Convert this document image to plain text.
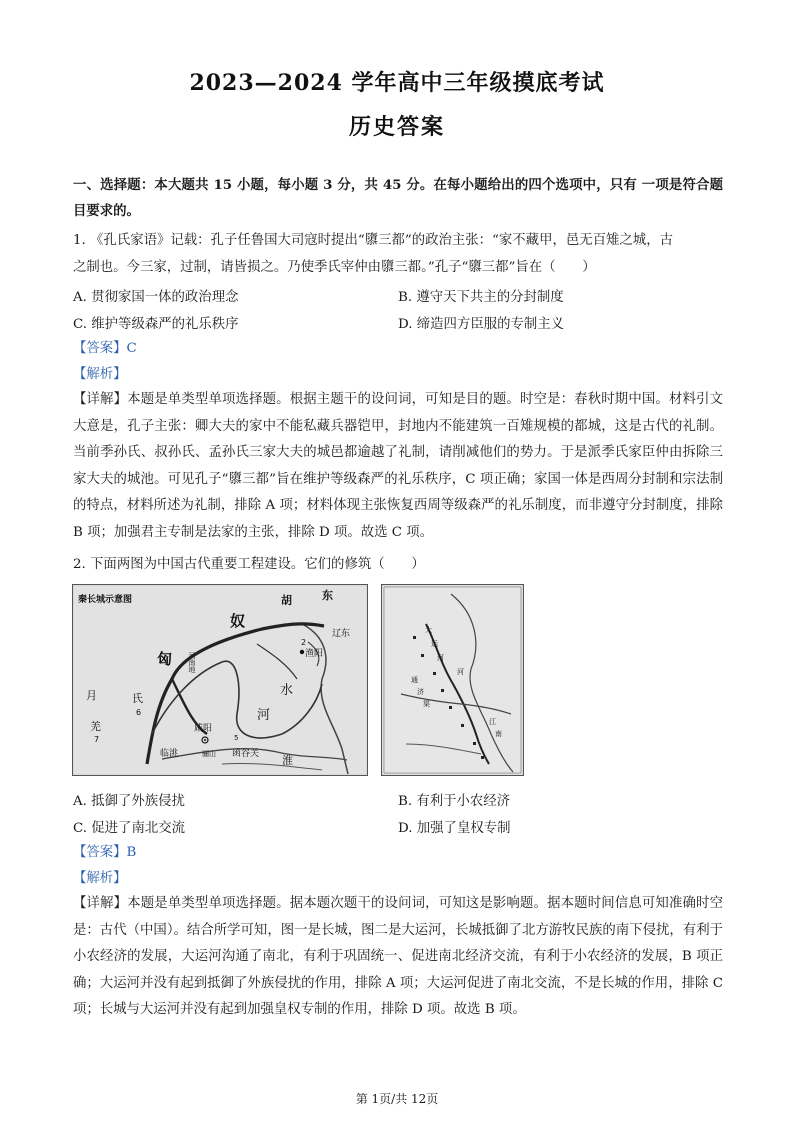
2023—2024 学年高中三年级摸底考试
历史答案
一、选择题：本大题共 15 小题，每小题 3 分，共 45 分。在每小题给出的四个选项中，只有 一项是符合题目要求的。
1. 《孔氏家语》记载：孔子任鲁国大司寇时提出“隳三都”的政治主张：“家不藏甲，邑无百雉之城，古
之制也。今三家，过制，请皆损之。乃使季氏宰仲由隳三都。”孔子“隳三都”旨在（　　）
A. 贯彻家国一体的政治理念	B. 遵守天下共主的分封制度
C. 维护等级森严的礼乐秩序	D. 缔造四方臣服的专制主义
【答案】C
【解析】
【详解】本题是单类型单项选择题。根据主题干的设问词，可知是目的题。时空是：春秋时期中国。材料引文大意是，孔子主张：卿大夫的家中不能私藏兵器铠甲，封地内不能建筑一百雉规模的都城，这是古代的礼制。当前季孙氏、叔孙氏、孟孙氏三家大夫的城邑都逾越了礼制，请削减他们的势力。于是派季氏家臣仲由拆除三家大夫的城池。可见孔子“隳三都”旨在维护等级森严的礼乐秩序，C 项正确；家国一体是西周分封制和宗法制的特点，材料所述为礼制，排除 A 项；材料体现主张恢复西周等级森严的礼乐制度，而非遵守分封制度，排除 B 项；加强君主专制是法家的主张，排除 D 项。故选 C 项。
2. 下面两图为中国古代重要工程建设。它们的修筑（　　）
秦长城示意图	胡	东
奴
匈
月	氏
6
羌
7
辽东
2
渔阳
河南地
咸阳
临洮	函谷关
5
骊山
河
水
淮
大
运
河
通
济
渠
江
南
河
A. 抵御了外族侵扰	B. 有利于小农经济
C. 促进了南北交流	D. 加强了皇权专制
【答案】B
【解析】
【详解】本题是单类型单项选择题。据本题次题干的设问词，可知这是影响题。据本题时间信息可知准确时空是：古代（中国）。结合所学可知，图一是长城，图二是大运河，长城抵御了北方游牧民族的南下侵扰，有利于小农经济的发展，大运河沟通了南北，有利于巩固统一、促进南北经济交流，有利于小农经济的发展，B 项正确；大运河并没有起到抵御了外族侵扰的作用，排除 A 项；大运河促进了南北交流，不是长城的作用，排除 C 项；长城与大运河并没有起到加强皇权专制的作用，排除 D 项。故选 B 项。
第 1页/共 12页
